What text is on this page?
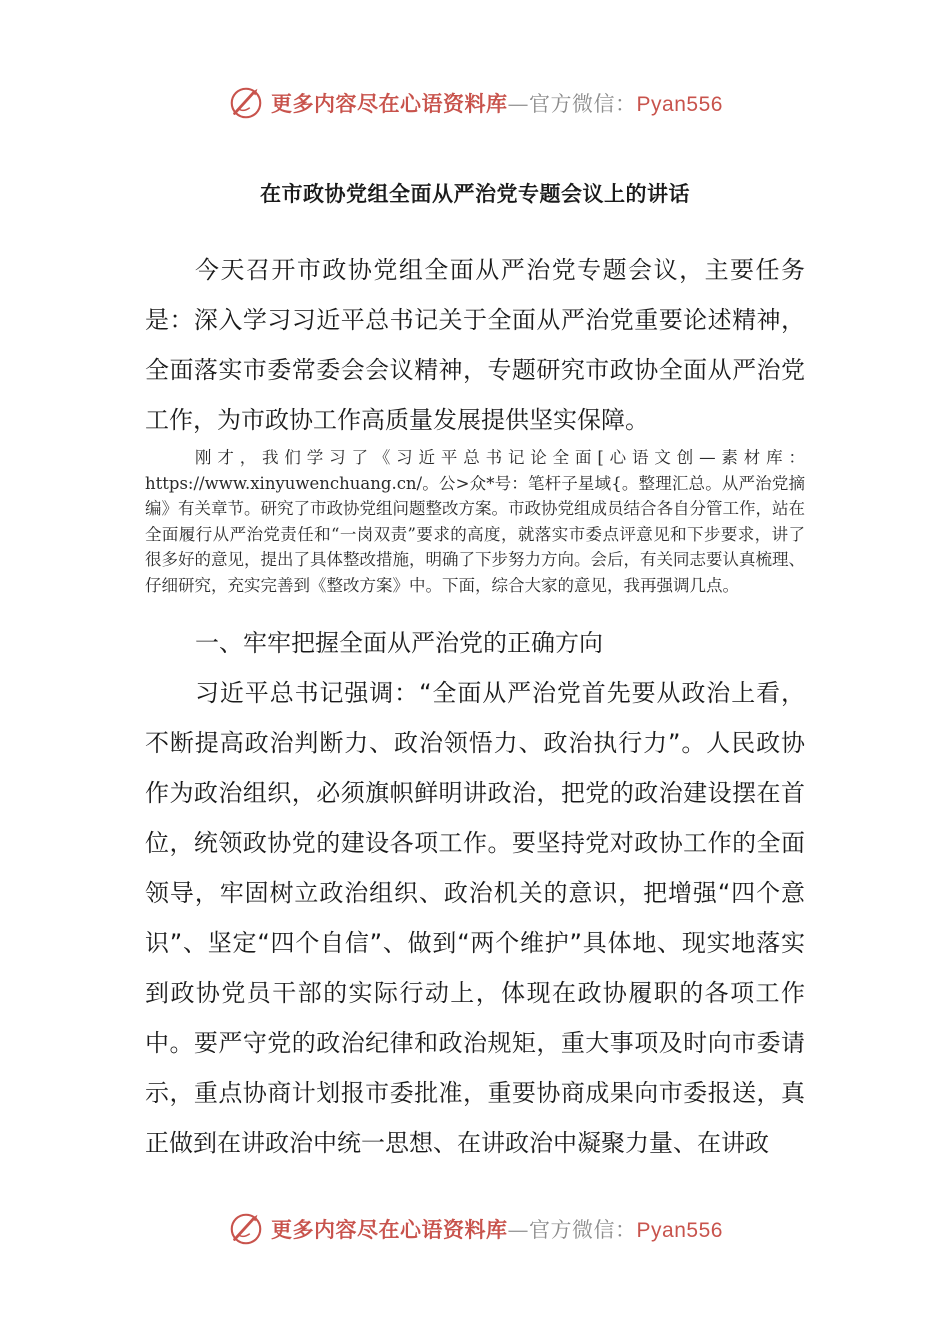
更多内容尽在心语资料库—官方微信：Pyan556
在市政协党组全面从严治党专题会议上的讲话

今天召开市政协党组全面从严治党专题会议，主要任务是：深入学习习近平总书记关于全面从严治党重要论述精神，全面落实市委常委会会议精神，专题研究市政协全面从严治党工作，为市政协工作高质量发展提供坚实保障。

刚才，我们学习了《习近平总书记论全面[心语文创—素材库：https://www.xinyuwenchuang.cn/。公>众*号：笔杆子星域{。整理汇总。从严治党摘编》有关章节。研究了市政协党组问题整改方案。市政协党组成员结合各自分管工作，站在全面履行从严治党责任和“一岗双责”要求的高度，就落实市委点评意见和下步要求，讲了很多好的意见，提出了具体整改措施，明确了下步努力方向。会后，有关同志要认真梳理、仔细研究，充实完善到《整改方案》中。下面，综合大家的意见，我再强调几点。

一、牢牢把握全面从严治党的正确方向

习近平总书记强调：“全面从严治党首先要从政治上看，不断提高政治判断力、政治领悟力、政治执行力”。人民政协作为政治组织，必须旗帜鲜明讲政治，把党的政治建设摆在首位，统领政协党的建设各项工作。要坚持党对政协工作的全面领导，牢固树立政治组织、政治机关的意识，把增强“四个意识”、坚定“四个自信”、做到“两个维护”具体地、现实地落实到政协党员干部的实际行动上，体现在政协履职的各项工作中。要严守党的政治纪律和政治规矩，重大事项及时向市委请示，重点协商计划报市委批准，重要协商成果向市委报送，真正做到在讲政治中统一思想、在讲政治中凝聚力量、在讲政

更多内容尽在心语资料库—官方微信：Pyan556
